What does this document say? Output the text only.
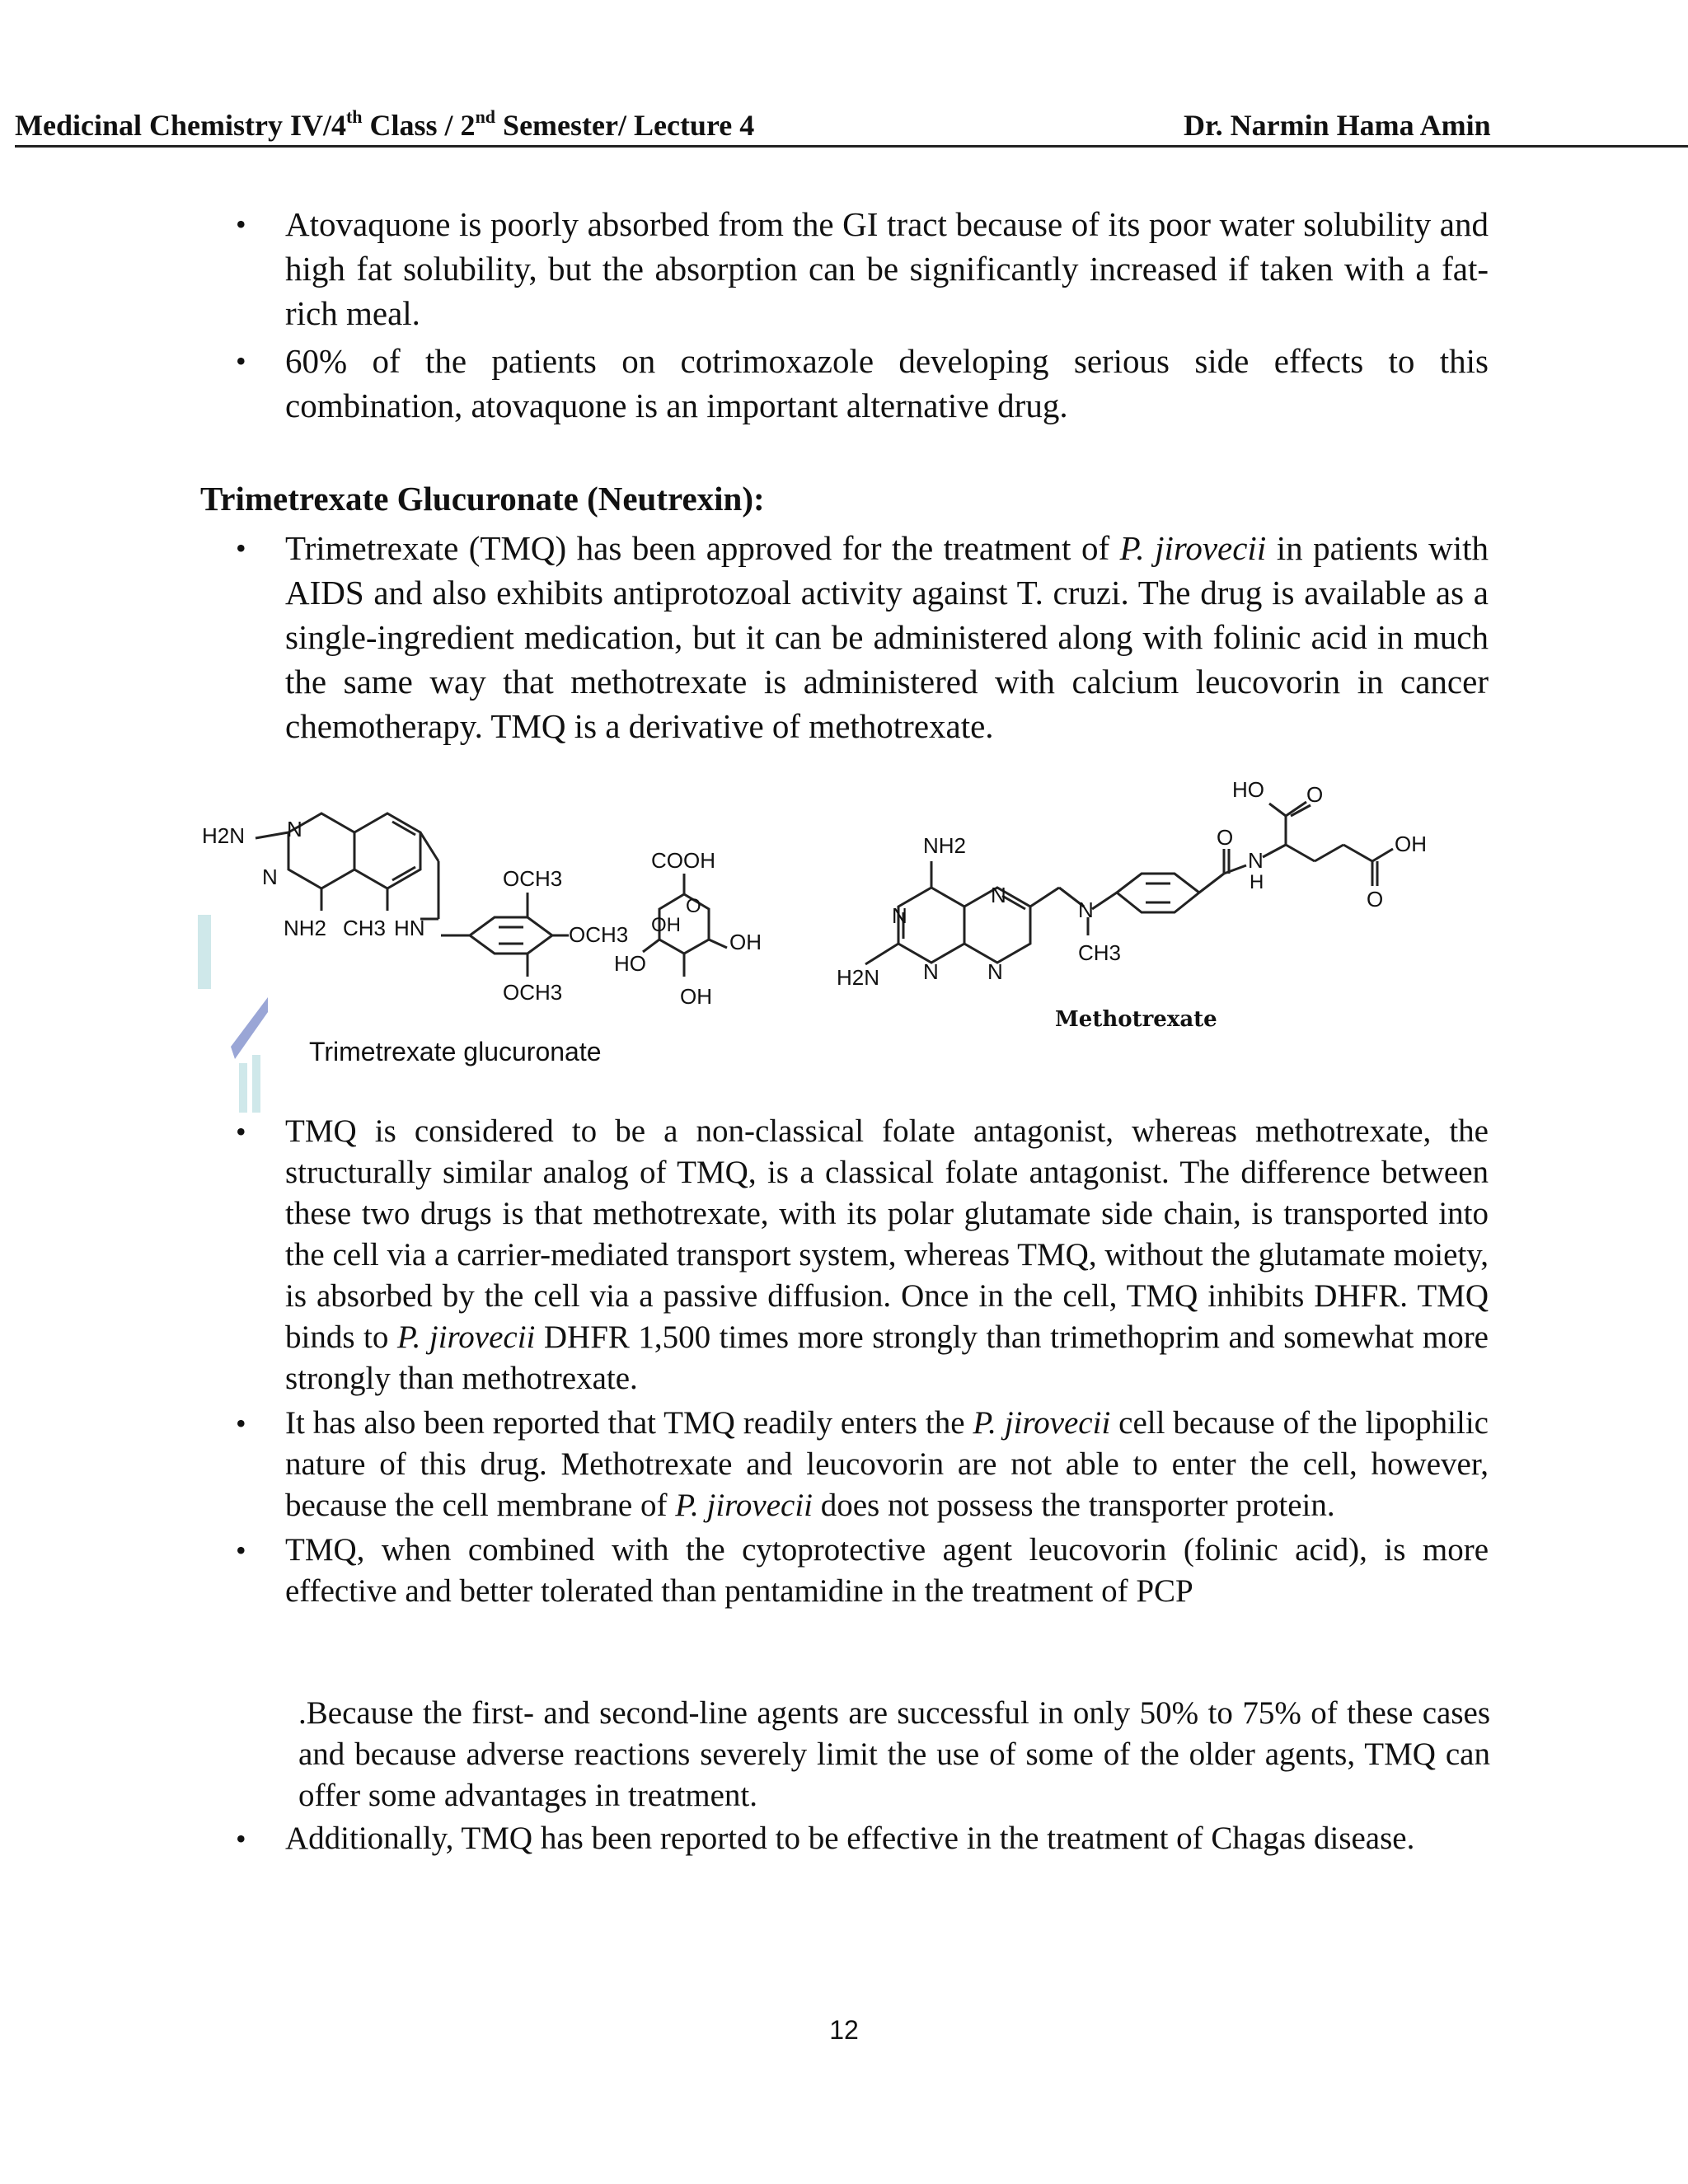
Medicinal Chemistry IV/4th Class / 2nd Semester/ Lecture 4	Dr. Narmin Hama Amin
•	Atovaquone is poorly absorbed from the GI tract because of its poor water solubility and high fat solubility, but the absorption can be significantly increased if taken with a fat-rich meal.
•	60% of the patients on cotrimoxazole developing serious side effects to this combination, atovaquone is an important alternative drug.
Trimetrexate Glucuronate (Neutrexin):
•	Trimetrexate (TMQ) has been approved for the treatment of P. jirovecii in patients with AIDS and also exhibits antiprotozoal activity against T. cruzi. The drug is available as a single-ingredient medication, but it can be administered along with folinic acid in much the same way that methotrexate is administered with calcium leucovorin in cancer chemotherapy. TMQ is a derivative of methotrexate.
H2N N
N
NH2 CH3 HN
OCH3
OCH3
OCH3
COOH
O
OH
OH
HO
OH
Trimetrexate glucuronate
NH2
N
N
N N
H2N
N
CH3
O
N
H
HO O
OH
O
Methotrexate
•	TMQ is considered to be a non-classical folate antagonist, whereas methotrexate, the structurally similar analog of TMQ, is a classical folate antagonist. The difference between these two drugs is that methotrexate, with its polar glutamate side chain, is transported into the cell via a carrier-mediated transport system, whereas TMQ, without the glutamate moiety, is absorbed by the cell via a passive diffusion. Once in the cell, TMQ inhibits DHFR. TMQ binds to P. jirovecii DHFR 1,500 times more strongly than trimethoprim and somewhat more strongly than methotrexate.
•	It has also been reported that TMQ readily enters the P. jirovecii cell because of the lipophilic nature of this drug. Methotrexate and leucovorin are not able to enter the cell, however, because the cell membrane of P. jirovecii does not possess the transporter protein.
•	TMQ, when combined with the cytoprotective agent leucovorin (folinic acid), is more effective and better tolerated than pentamidine in the treatment of PCP
.Because the first- and second-line agents are successful in only 50% to 75% of these cases and because adverse reactions severely limit the use of some of the older agents, TMQ can offer some advantages in treatment.
•	Additionally, TMQ has been reported to be effective in the treatment of Chagas disease.
12
